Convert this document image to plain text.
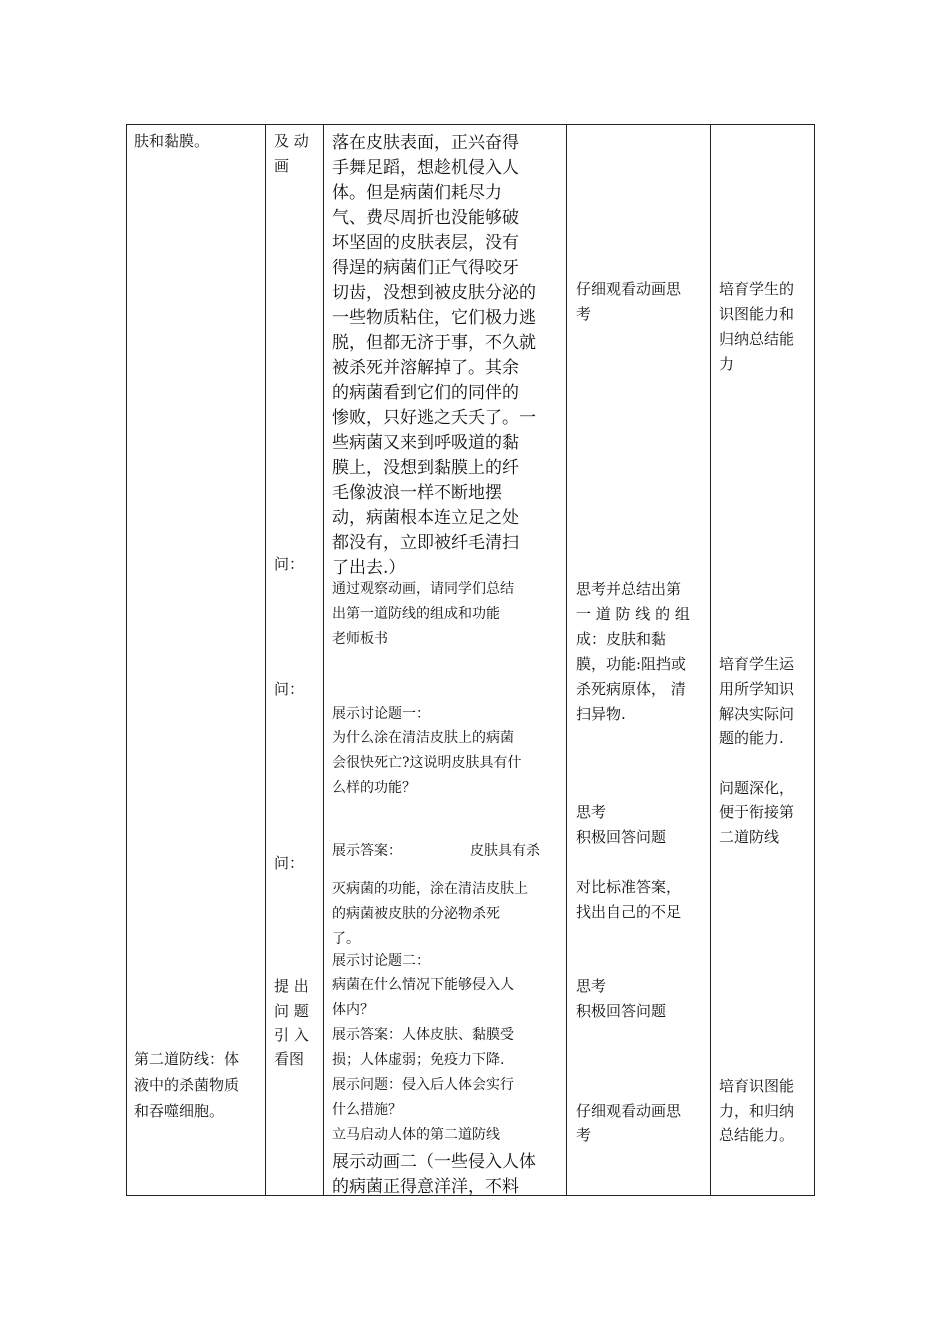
肤和黏膜。
第二道防线：体
液中的杀菌物质
和吞噬细胞。
及 动
画
问：
问：
问：
提 出
问 题
引 入
看图
落在皮肤表面，正兴奋得
手舞足蹈，想趁机侵入人
体。但是病菌们耗尽力
气、费尽周折也没能够破
坏坚固的皮肤表层，没有
得逞的病菌们正气得咬牙
切齿，没想到被皮肤分泌的
一些物质粘住，它们极力逃
脱，但都无济于事，不久就
被杀死并溶解掉了。其余
的病菌看到它们的同伴的
惨败，只好逃之夭夭了。一
些病菌又来到呼吸道的黏
膜上，没想到黏膜上的纤
毛像波浪一样不断地摆
动，病菌根本连立足之处
都没有，立即被纤毛清扫
了出去.）
通过观察动画，请同学们总结
出第一道防线的组成和功能
老师板书
展示讨论题一：
为什么涂在清洁皮肤上的病菌
会很快死亡?这说明皮肤具有什
么样的功能？
展示答案：	皮肤具有杀
灭病菌的功能，涂在清洁皮肤上
的病菌被皮肤的分泌物杀死
了。
展示讨论题二：
病菌在什么情况下能够侵入人
体内？
展示答案：人体皮肤、黏膜受
损；人体虚弱；免疫力下降.
展示问题：侵入后人体会实行
什么措施？
立马启动人体的第二道防线
展示动画二（一些侵入人体
的病菌正得意洋洋，不料
仔细观看动画思
考
思考并总结出第
一 道 防 线 的 组
成：皮肤和黏
膜，功能:阻挡或
杀死病原体， 清
扫异物.
思考
积极回答问题
对比标准答案，
找出自己的不足
思考
积极回答问题
仔细观看动画思
考
培育学生的
识图能力和
归纳总结能
力
培育学生运
用所学知识
解决实际问
题的能力.
问题深化，
便于衔接第
二道防线
培育识图能
力，和归纳
总结能力。
